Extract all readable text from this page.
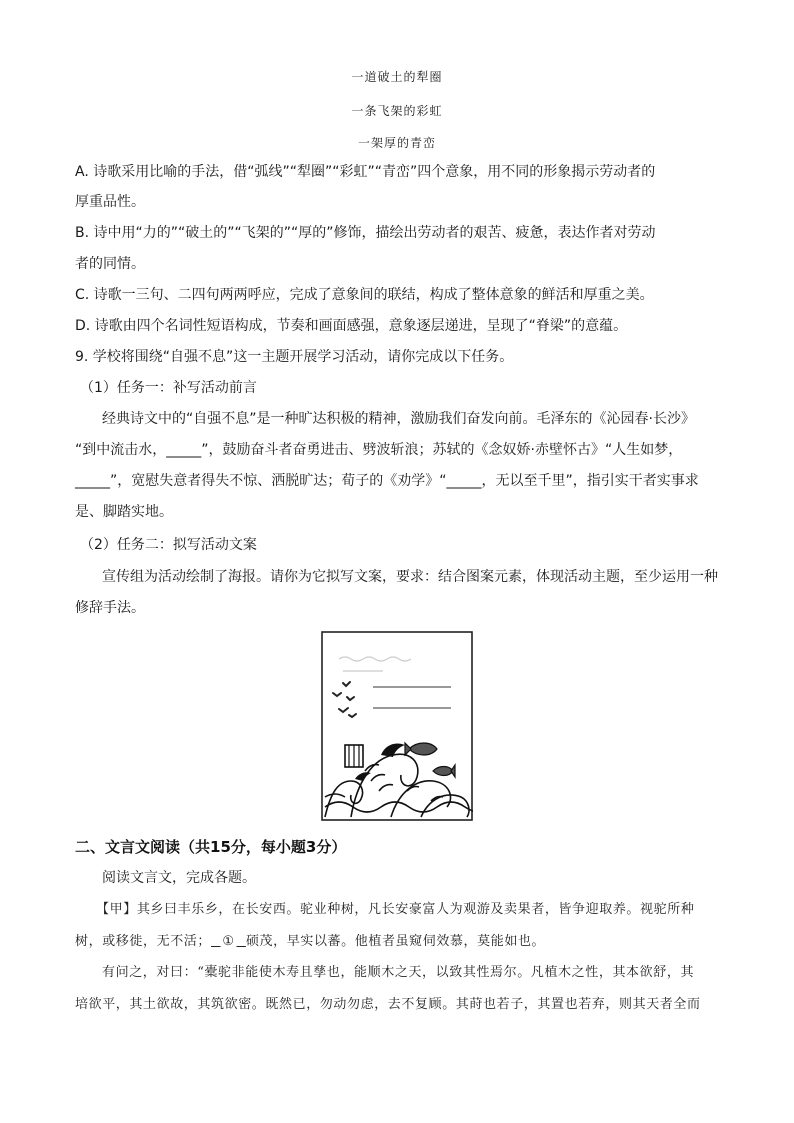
一道破土的犁圈
一条飞架的彩虹
一架厚的青峦
A. 诗歌采用比喻的手法，借“弧线”“犁圈”“彩虹”“青峦”四个意象，用不同的形象揭示劳动者的
厚重品性。
B. 诗中用“力的”“破土的”“飞架的”“厚的”修饰，描绘出劳动者的艰苦、疲惫，表达作者对劳动
者的同情。
C. 诗歌一三句、二四句两两呼应，完成了意象间的联结，构成了整体意象的鲜活和厚重之美。
D. 诗歌由四个名词性短语构成，节奏和画面感强，意象逐层递进，呈现了“脊梁”的意蕴。
9. 学校将围绕“自强不息”这一主题开展学习活动，请你完成以下任务。
（1）任务一：补写活动前言
经典诗文中的“自强不息”是一种旷达积极的精神，激励我们奋发向前。毛泽东的《沁园春·长沙》
“到中流击水，_____”，鼓励奋斗者奋勇进击、劈波斩浪；苏轼的《念奴娇·赤壁怀古》“人生如梦，
_____”，宽慰失意者得失不惊、洒脱旷达；荀子的《劝学》“_____，无以至千里”，指引实干者实事求
是、脚踏实地。
（2）任务二：拟写活动文案
宣传组为活动绘制了海报。请你为它拟写文案，要求：结合图案元素，体现活动主题，至少运用一种
修辞手法。
二、文言文阅读（共15分，每小题3分）
阅读文言文，完成各题。
【甲】其乡曰丰乐乡，在长安西。驼业种树，凡长安豪富人为观游及卖果者，皆争迎取养。视驼所种
树，或移徙，无不活； ① 硕茂，早实以蕃。他植者虽窥伺效慕，莫能如也。
有问之，对曰：“橐驼非能使木寿且孳也，能顺木之天，以致其性焉尔。凡植木之性，其本欲舒，其
培欲平，其土欲故，其筑欲密。既然已，勿动勿虑，去不复顾。其莳也若子，其置也若弃，则其天者全而
